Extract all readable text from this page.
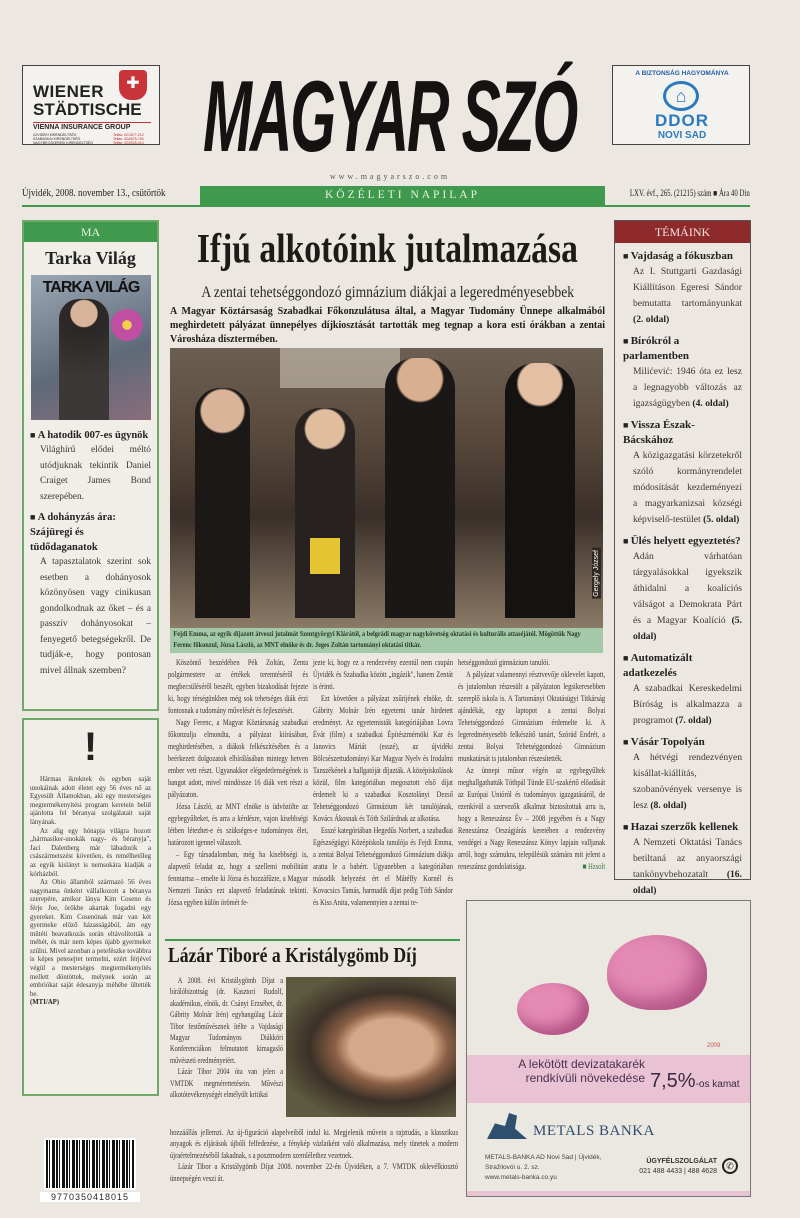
WIENER	✚
STÄDTISCHE
VIENNA INSURANCE GROUP
ÚJVIDÉKI KIRENDELTSÉG
SZABADKAI KIRENDELTSÉG
NAGYBECSKEREKI KIRENDELTSÉG
Telfax: 021/677-212
Telfax: 024/675-760
Telfax: 023/525-414 MAGYAR SZÓ
www.magyarszo.com
A BIZTONSÁG HAGYOMÁNYA
⌂
DDOR
NOVI SAD
Újvidék, 2008. november 13., csütörtök	KÖZÉLETI NAPILAP	LXV. évf., 265. (21215) szám ■ Ára 40 Din
MA
Tarka Világ
TARKA VILÁG
■ A hatodik 007-es ügynök
Világhírű elődei méltó utódjuknak tekintik Daniel Craiget James Bond szerepében.
■ A dohányzás ára: Szájüregi és tüdődaganatok
A tapasztalatok szerint sok esetben a dohányosok közönyösen vagy cinikusan gondolkodnak az őket – és a passzív dohányosokat – fenyegető betegségekről. De tudják-e, hogy pontosan mivel állnak szemben?
!

Hármas ikreknek és egyben saját unokáinak adott életet egy 56 éves nő az Egyesült Államokban, aki egy mesterséges megtermékenyítési program keretein belül ajánlotta fel béranyai szolgálatait saját lányának.

Az alig egy hónapja világra hozott „hármasiker-unokák nagy- és béranyja", Jaci Dalenberg már lábadozik a császármetszést követően, és remélhetőleg az egyik kislányt is nemsokára kiadják a kórházból.

Az Ohio államból származó 56 éves nagymama önként vállalkozott a béranya szerepére, amikor lánya Kim Coseno és férje Joe, örökbe akartak fogadni egy gyereket. Kim Cosenónak már van két gyermeke előző házasságából, ám egy műtéti beavatkozás során eltávolították a méhét, és már nem képes újabb gyermeket szülni. Mivel azonban a petefészke továbbra is képes petesejtet termelni, ezért férjével végül a mesterséges megtermékenyítés mellett döntöttek, melynek során az embriókat saját édesanyja méhébe ültették be.

(MTI/AP)
9770350418015
Ifjú alkotóink jutalmazása
A zentai tehetséggondozó gimnázium diákjai a legeredményesebbek
A Magyar Köztársaság Szabadkai Főkonzulátusa által, a Magyar Tudomány Ünnepe alkalmából meghirdetett pályázat ünnepélyes díjkiosztását tartották meg tegnap a kora esti órákban a zentai Városháza dísztermében.
Gergely József
Fejdi Emma, az egyik díjazott átveszi jutalmát Szentgyörgyi Klárától, a belgrádi magyar nagykövetség oktatási és kulturális attaséjától. Mögöttük Nagy Ferenc főkonzul, Józsa László, az MNT elnöke és dr. Jeges Zoltán tartományi oktatási titkár.

Köszöntő beszédében Pék Zoltán, Zenta polgármestere az értékek teremtéséről és megbecsüléséről beszélt, egyben bizakodását fejezte ki, hogy térségünkben még sok tehetséges diák érzi fontosnak a tudomány művelését és fejlesztését.

Nagy Ferenc, a Magyar Köztársaság szabadkai főkonzulja elmondta, a pályázat kiírásában, meghirdetésében, a diákok felkészítésében és a beérkezett dolgozatok elbírálásában mintegy hetven ember vett részt. Ugyanakkor elégedetlenségének is hangot adott, mivel mindössze 16 diák vett részt a pályázaton.

Józsa László, az MNT elnöke is üdvözölte az egybegyűlteket, és arra a kérdésre, vajon kisebbségi létben létezhet-e és szükséges-e tudományos élet, határozott igennel válaszolt.

– Egy társadalomban, még ha kisebbségi is, alapvető feladat az, hogy a szellemi mobilitást fenntartsa – emelte ki Józsa és hozzáfűzte, a Magyar Nemzeti Tanács ezt alapvető feladatának tekinti. Józsa egyben külön örömét fe-

jezte ki, hogy ez a rendezvény ezentúl nem csupán Újvidék és Szabadka között „ingázik", hanem Zentát is érinti.

Ezt követően a pályázat zsűrijének elnöke, dr. Gábrity Molnár Irén egyetemi tanár hirdetett eredményt. Az egyetemisták kategóriájában Lovra Évát (film) a szabadkai Építészmérnöki Kar és Janovics Máriát (esszé), az újvidéki Bölcsészettudományi Kar Magyar Nyelv és Irodalmi Tanszékének a hallgatóját díjazták. A középiskolások közül, film kategóriában megosztott első díjat érdemelt ki a szabadkai Kosztolányi Dezső Tehetséggondozó Gimnázium két tanulójának, Kovács Ákosnak és Tóth Szilárdnak az alkotása.

Esszé kategóriában Hegedűs Norbert, a szabadkai Egészségügyi Középiskola tanulója és Fejdi Emma, a zentai Bolyai Tehetséggondozó Gimnázium diákja aratta le a babért. Ugyanebben a kategóriában második helyezést ért el Mátéffy Kornél és Kovacsics Tamás, harmadik díjat pedig Tóth Sándor és Kiss Anita, valamennyien a zentai te-

hetséggondozó gimnázium tanulói.

A pályázat valamennyi résztvevője oklevelet kapott, és jutalomban részesült a pályázaton legsikeresebben szereplő iskola is. A Tartományi Oktatásügyi Titkárság ajándékát, egy laptopot a zentai Bolyai Tehetséggondozó Gimnázium érdemelte ki. A legeredményesebb felkészítő tanárt, Szórád Endrét, a zentai Bolyai Tehetséggondozó Gimnázium munkatársát is jutalomban részesítették.

Az ünnepi műsor végén az egybegyűltek meghallgathatták Tóthpál Tünde EU-szakértő előadását az Európai Unióról és tudományos igazgatásáról, de ezenkívül a szervezők alkalmat biztosítottak arra is, hogy a Reneszánsz Év – 2008 jegyében és a Nagy Reneszánsz Országjárás keretében a rendezvény vendégei a Nagy Reneszánsz Könyv lapjain valljanak arról, hogy számukra, településük számára mit jelent a reneszánsz gondolatisága.	■ Hzsolt
Lázár Tiboré a Kristálygömb Díj

A 2008. évi Kristálygömb Díjat a bírálóbizottság (dr. Kasztori Rudolf, akadémikus, elnök, dr. Csányi Erzsébet, dr. Gábrity Molnár Irén) egyhangúlag Lázár Tibor festőművésznek ítélte a Vajdasági Magyar Tudományos Diákköri Konferenciákon felmutatott kimagasló művészeti eredményeiért.

Lázár Tibor 2004 óta van jelen a VMTDK megmérettetésein. Művészi alkotótevékenységét elmélyült kritikai

hozzáállás jellemzi. Az új-figuráció alapelveiből indul ki. Megjelenik művein a rajztudás, a klasszikus anyagok és eljárások újbóli felfedezése, a fénykép vázlatként való alkalmazása, mely tünetek a modern újraértelmezéséből fakadnak, s a posztmodern szemlélethez vezetnek.

Lázár Tibor a Kristálygömb Díjat 2008. november 22-én Újvidéken, a 7. VMTDK oklevélkiosztó ünnepségén veszi át.

TÉMÁINK
■ Vajdaság a fókuszban
Az I. Stuttgarti Gazdasági Kiállításon Egeresi Sándor bemutatta tartományunkat (2. oldal)
■ Bírókról a parlamentben
Milićević: 1946 óta ez lesz a legnagyobb változás az igazságügyben (4. oldal)
■ Vissza Észak-Bácskához
A közigazgatási körzetekről szóló kormányrendelet módosítását kezdeményezi a magyarkanizsai községi képviselő-testület (5. oldal)
■ Ülés helyett egyeztetés?
Adán várhatóan tárgyalásokkal igyekszik áthidalni a koalíciós válságot a Demokrata Párt és a Magyar Koalíció (5. oldal)
■ Automatizált adatkezelés
A szabadkai Kereskedelmi Bíróság is alkalmazza a programot (7. oldal)
■ Vásár Topolyán
A hétvégi rendezvényen kisállat-kiállítás, szobanövények versenye is lesz (8. oldal)
■ Hazai szerzők kellenek
A Nemzeti Oktatási Tanács betiltaná az anyaországi tankönyvbehozatalt (16. oldal)
2009
A lekötött devizatakarék
rendkívüli növekedése 7,5%-os kamat
METALS BANKA
METALS-BANKA AD Novi Sad | Újvidék,
Stražilovói u. 2. sz.
www.metals-banka.co.yu
ÜGYFÉLSZOLGÁLAT
021 488 4433 | 488 4628
✆
